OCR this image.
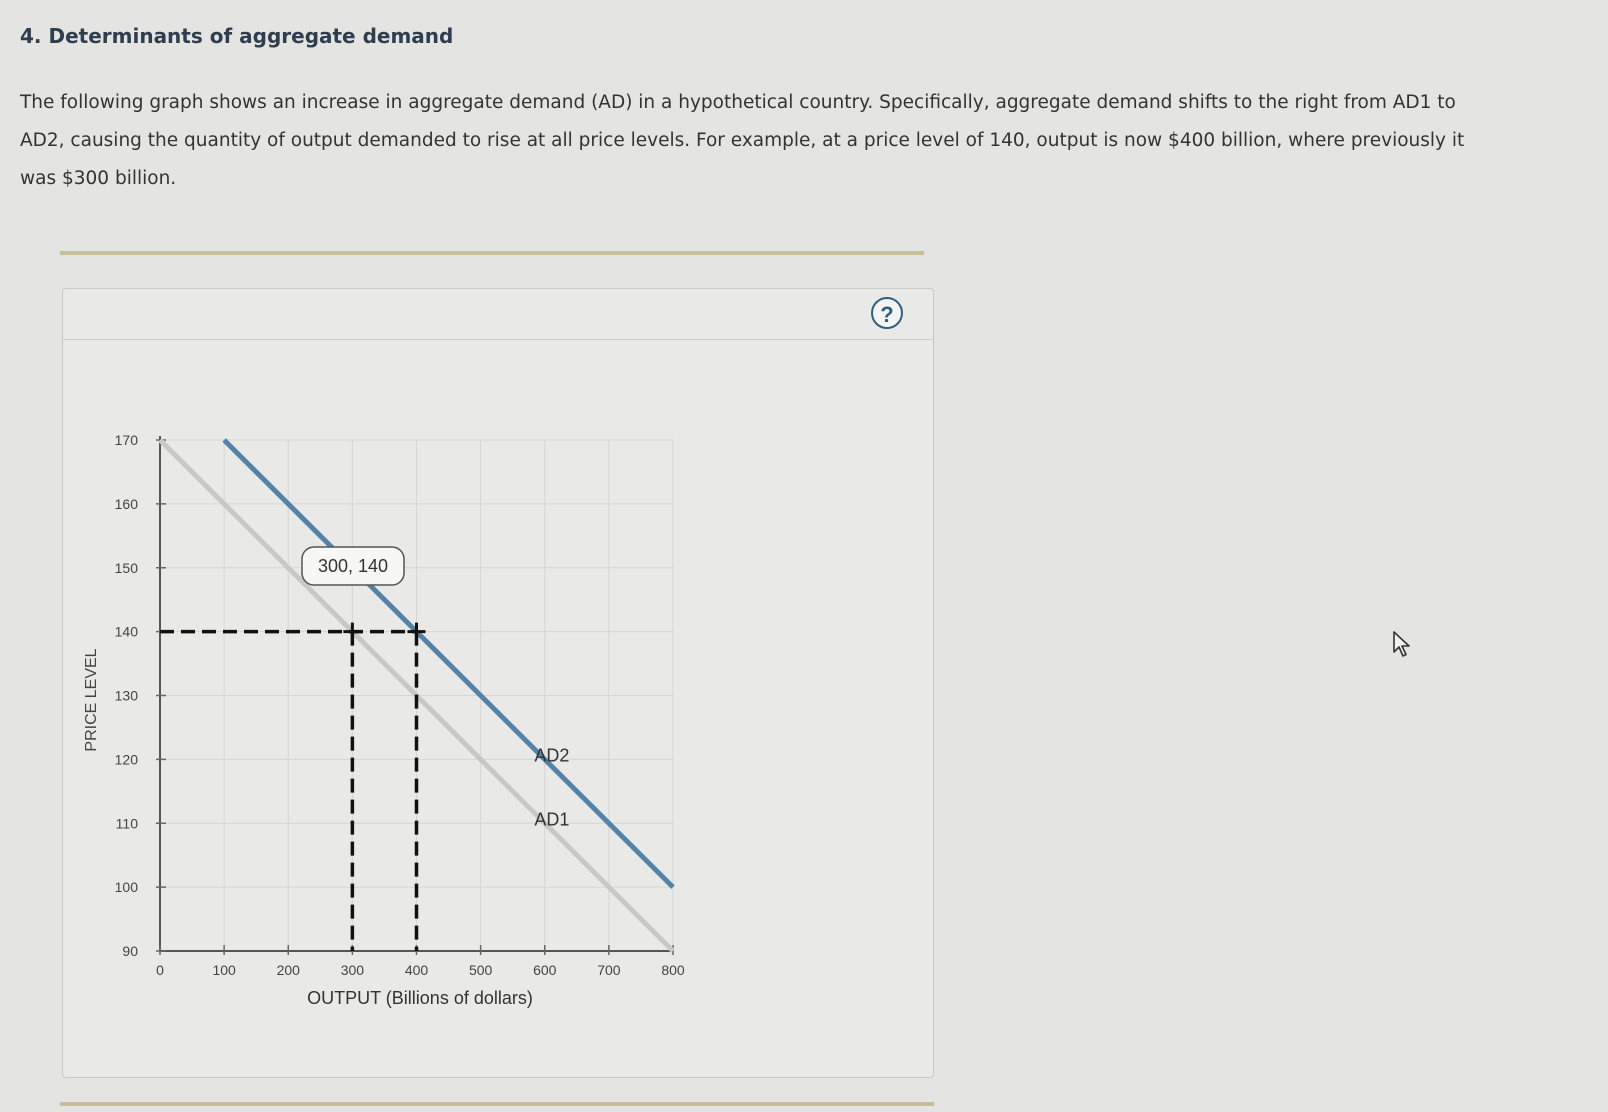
4. Determinants of aggregate demand
The following graph shows an increase in aggregate demand (AD) in a hypothetical country. Specifically, aggregate demand shifts to the right from AD1 to AD2, causing the quantity of output demanded to rise at all price levels. For example, at a price level of 140, output is now $400 billion, where previously it was $300 billion.
?
90
100
110
120
130
140
150
160
170
0	100	200	300	400	500	600	700	800
AD2
AD1
PRICE LEVEL
OUTPUT (Billions of dollars)
300, 140
